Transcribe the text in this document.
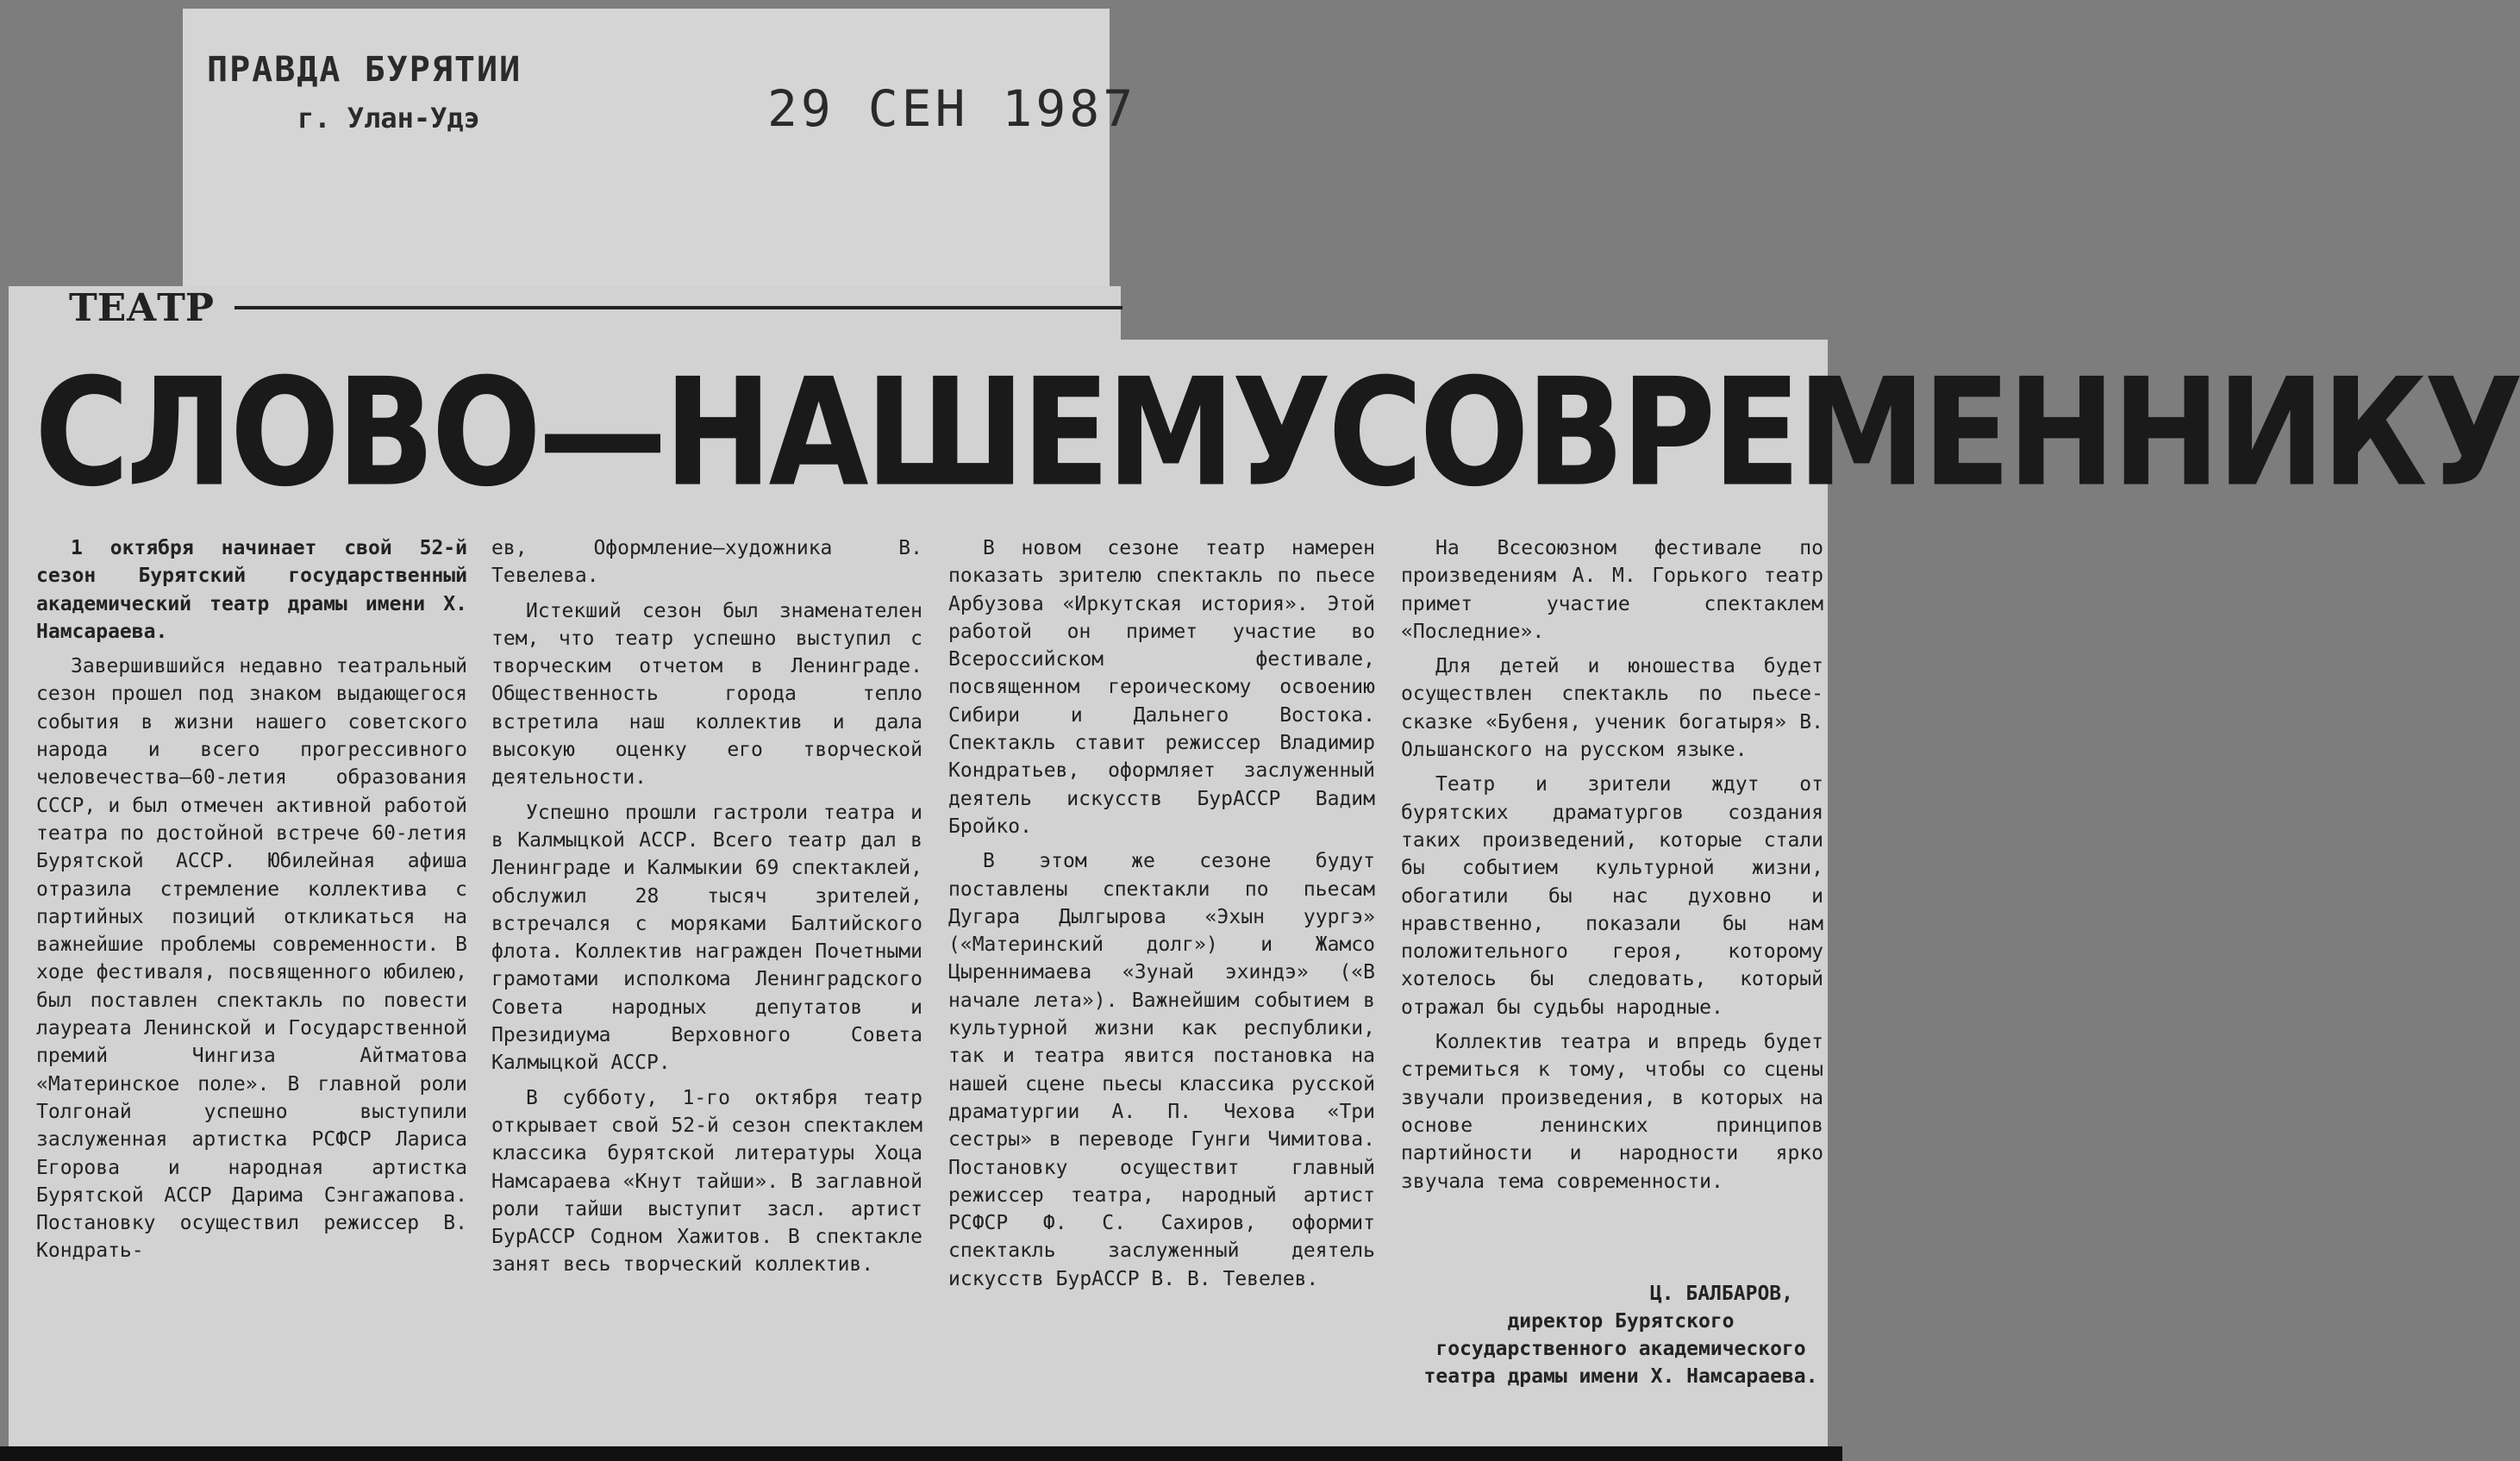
ПРАВДА БУРЯТИИ
г. Улан-Удэ	29 СЕН 1987
ТЕАТР
СЛОВО — НАШЕМУ СОВРЕМЕННИКУ

1 октября начинает свой 52-й сезон Бурятский государственный академический театр драмы имени Х. Намсараева.

Завершившийся недавно театральный сезон прошел под знаком выдающегося события в жизни нашего советского народа и всего прогрессивного человечества—60-летия образования СССР, и был отмечен активной работой театра по достойной встрече 60-летия Бурятской АССР. Юбилейная афиша отразила стремление коллектива с партийных позиций откликаться на важнейшие проблемы современности. В ходе фестиваля, посвященного юбилею, был поставлен спектакль по повести лауреата Ленинской и Государственной премий Чингиза Айтматова «Материнское поле». В главной роли Толгонай успешно выступили заслуженная артистка РСФСР Лариса Егорова и народная артистка Бурятской АССР Дарима Сэнгажапова. Постановку осуществил режиссер В. Кондрать-

ев, Оформление—художника В. Тевелева.

Истекший сезон был знаменателен тем, что театр успешно выступил с творческим отчетом в Ленинграде. Общественность города тепло встретила наш коллектив и дала высокую оценку его творческой деятельности.

Успешно прошли гастроли театра и в Калмыцкой АССР. Всего театр дал в Ленинграде и Калмыкии 69 спектаклей, обслужил 28 тысяч зрителей, встречался с моряками Балтийского флота. Коллектив награжден Почетными грамотами исполкома Ленинградского Совета народных депутатов и Президиума Верховного Совета Калмыцкой АССР.

В субботу, 1-го октября театр открывает свой 52-й сезон спектаклем классика бурятской литературы Хоца Намсараева «Кнут тайши». В заглавной роли тайши выступит засл. артист БурАССР Содном Хажитов. В спектакле занят весь творческий коллектив.

В новом сезоне театр намерен показать зрителю спектакль по пьесе Арбузова «Иркутская история». Этой работой он примет участие во Всероссийском фестивале, посвященном героическому освоению Сибири и Дальнего Востока. Спектакль ставит режиссер Владимир Кондратьев, оформляет заслуженный деятель искусств БурАССР Вадим Бройко.

В этом же сезоне будут поставлены спектакли по пьесам Дугара Дылгырова «Эхын уургэ» («Материнский долг») и Жамсо Цыреннимаева «Зунай эхиндэ» («В начале лета»). Важнейшим событием в культурной жизни как республики, так и театра явится постановка на нашей сцене пьесы классика русской драматургии А. П. Чехова «Три сестры» в переводе Гунги Чимитова. Постановку осуществит главный режиссер театра, народный артист РСФСР Ф. С. Сахиров, оформит спектакль заслуженный деятель искусств БурАССР В. В. Тевелев.

На Всесоюзном фестивале по произведениям А. М. Горького театр примет участие спектаклем «Последние».

Для детей и юношества будет осуществлен спектакль по пьесе-сказке «Бубеня, ученик богатыря» В. Ольшанского на русском языке.

Театр и зрители ждут от бурятских драматургов создания таких произведений, которые стали бы событием культурной жизни, обогатили бы нас духовно и нравственно, показали бы нам положительного героя, которому хотелось бы следовать, который отражал бы судьбы народные.

Коллектив театра и впредь будет стремиться к тому, чтобы со сцены звучали произведения, в которых на основе ленинских принципов партийности и народности ярко звучала тема современности.

Ц. БАЛБАРОВ,
директор Бурятского государственного академического театра драмы имени Х. Намсараева.
